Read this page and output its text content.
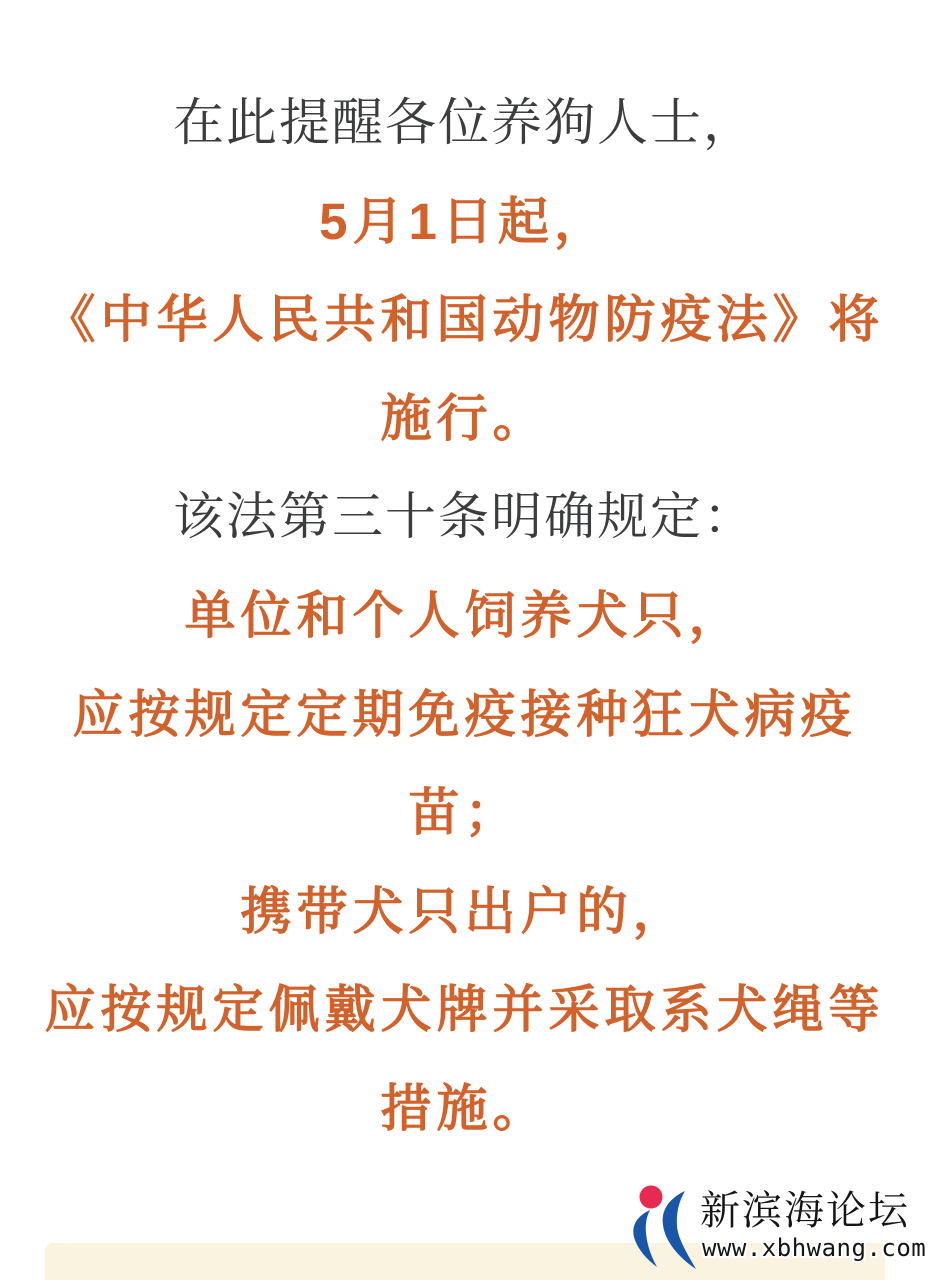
在此提醒各位养狗人士，
5月1日起，
《中华人民共和国动物防疫法》将
施行。
该法第三十条明确规定：
单位和个人饲养犬只，
应按规定定期免疫接种狂犬病疫
苗；
携带犬只出户的，
应按规定佩戴犬牌并采取系犬绳等
措施。
新滨海论坛
www.xbhwang.com
